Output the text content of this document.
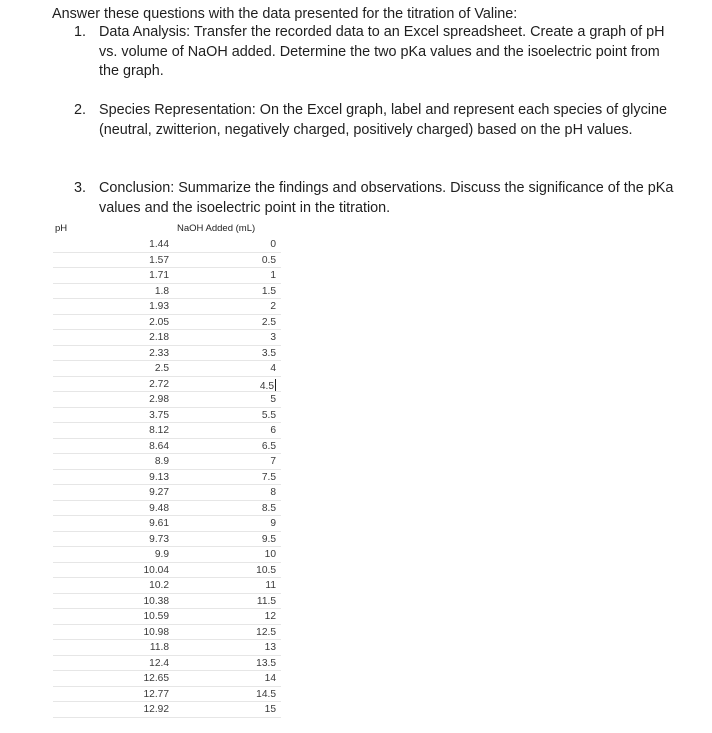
Answer these questions with the data presented for the titration of Valine:

1. Data Analysis: Transfer the recorded data to an Excel spreadsheet. Create a graph of pH vs. volume of NaOH added. Determine the two pKa values and the isoelectric point from the graph.
2. Species Representation: On the Excel graph, label and represent each species of glycine (neutral, zwitterion, negatively charged, positively charged) based on the pH values.
3. Conclusion: Summarize the findings and observations. Discuss the significance of the pKa values and the isoelectric point in the titration.
pH	NaOH Added (mL)
1.44	0
1.57	0.5
1.71	1
1.8	1.5
1.93	2
2.05	2.5
2.18	3
2.33	3.5
2.5	4
2.72	4.5
2.98	5
3.75	5.5
8.12	6
8.64	6.5
8.9	7
9.13	7.5
9.27	8
9.48	8.5
9.61	9
9.73	9.5
9.9	10
10.04	10.5
10.2	11
10.38	11.5
10.59	12
10.98	12.5
11.8	13
12.4	13.5
12.65	14
12.77	14.5
12.92	15
